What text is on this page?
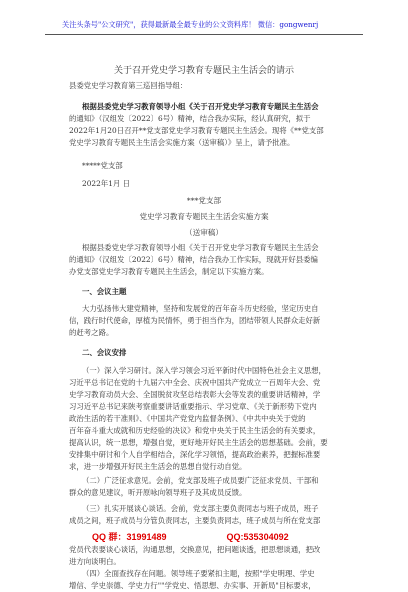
关注头条号"公文研究"，获得最新最全最专业的公文资料库！ 微信：gongwenrj
关于召开党史学习教育专题民主生活会的请示
县委党史学习教育第三巡回指导组：
根据县委党史学习教育领导小组《关于召开党史学习教育专题民主生活会
的通知》（汉组发〔2022〕6号）精神，结合我办实际，经认真研究，拟于
2022年1月20日召开**党支部党史学习教育专题民主生活会。现将《**党支部
党史学习教育专题民主生活会实施方案（送审稿）》呈上，请予批准。
*****党支部
2022年1月 日
***党支部
党史学习教育专题民主生活会实施方案
（送审稿）
根据县委党史学习教育领导小组《关于召开党史学习教育专题民主生活会
的通知》（汉组发〔2022〕6号）精神，结合我办工作实际，现就开好县委编
办党支部党史学习教育专题民主生活会，制定以下实施方案。
一、会议主题
大力弘扬伟大建党精神，坚持和发展党的百年奋斗历史经验，坚定历史自
信，践行时代使命，厚植为民情怀，勇于担当作为，团结带领人民群众走好新
的赶考之路。
二、会议安排
（一）深入学习研讨。深入学习领会习近平新时代中国特色社会主义思想，
习近平总书记在党的十九届六中全会、庆祝中国共产党成立一百周年大会、党
史学习教育动员大会、全国脱贫攻坚总结表彰大会等发表的重要讲话精神，学
习习近平总书记来陕考察重要讲话重要指示、学习党章、《关于新形势下党内
政治生活的若干准则》、《中国共产党党内监督条例》、《中共中央关于党的
百年奋斗重大成就和历史经验的决议》和党中央关于民主生活会的有关要求，
提高认识，统一思想，增强自觉，更好地开好民主生活会的思想基础。会前，要
安排集中研讨和个人自学相结合，深化学习领悟，提高政治素养，把握标准要
求，进一步增强开好民主生活会的思想自觉行动自觉。
（二）广泛征求意见。会前，党支部及班子成员要广泛征求党员、干部和
群众的意见建议，听开原咏向领导班子及其成员反馈。
（三）扎实开展谈心谈话。会前，党支部主要负责同志与班子成员，班子
成员之间，班子成员与分管负责同志，主要负责同志，班子成员与所在党支部
QQ 群：31991489	QQ:535304092
党员代表要谈心谈话，沟通思想，交换意见，把问题谈透，把思想谈通，把改
进方向谈明白。
（四）全面查找存在问题。领导班子要紧扣主题，按照"学史明理、学史
增信、学史崇德、学史力行""学党史、悟思想、办实事、开新局"目标要求，
